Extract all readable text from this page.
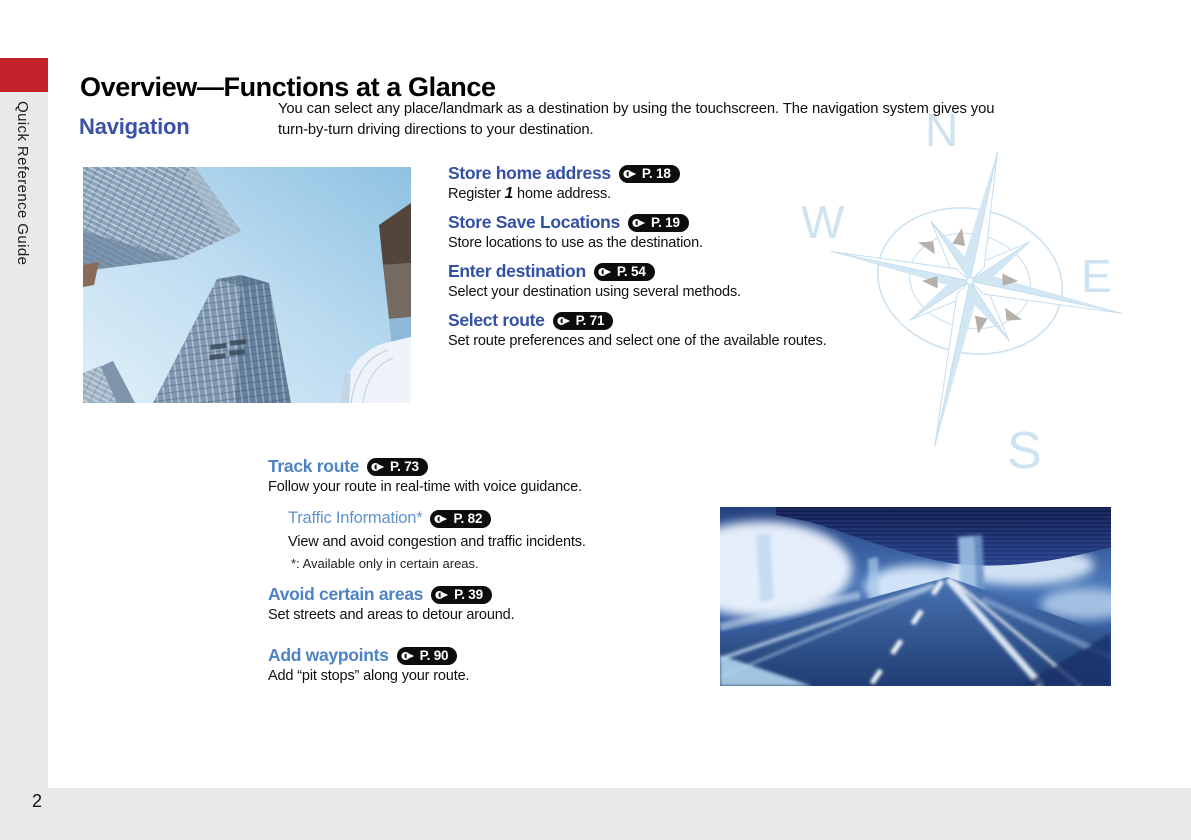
Quick Reference Guide
Overview—Functions at a Glance
Navigation
You can select any place/landmark as a destination by using the touchscreen. The navigation system gives you
turn-by-turn driving directions to your destination.	N
W
E
S
Store home address P. 18

Register 1 home address.

Store Save Locations P. 19

Store locations to use as the destination.

Enter destination P. 54

Select your destination using several methods.

Select route P. 71

Set route preferences and select one of the available routes.

Track route P. 73

Follow your route in real-time with voice guidance.

Traffic Information* P. 82

View and avoid congestion and traffic incidents.

*: Available only in certain areas.

Avoid certain areas P. 39

Set streets and areas to detour around.

Add waypoints P. 90

Add “pit stops” along your route.

2
